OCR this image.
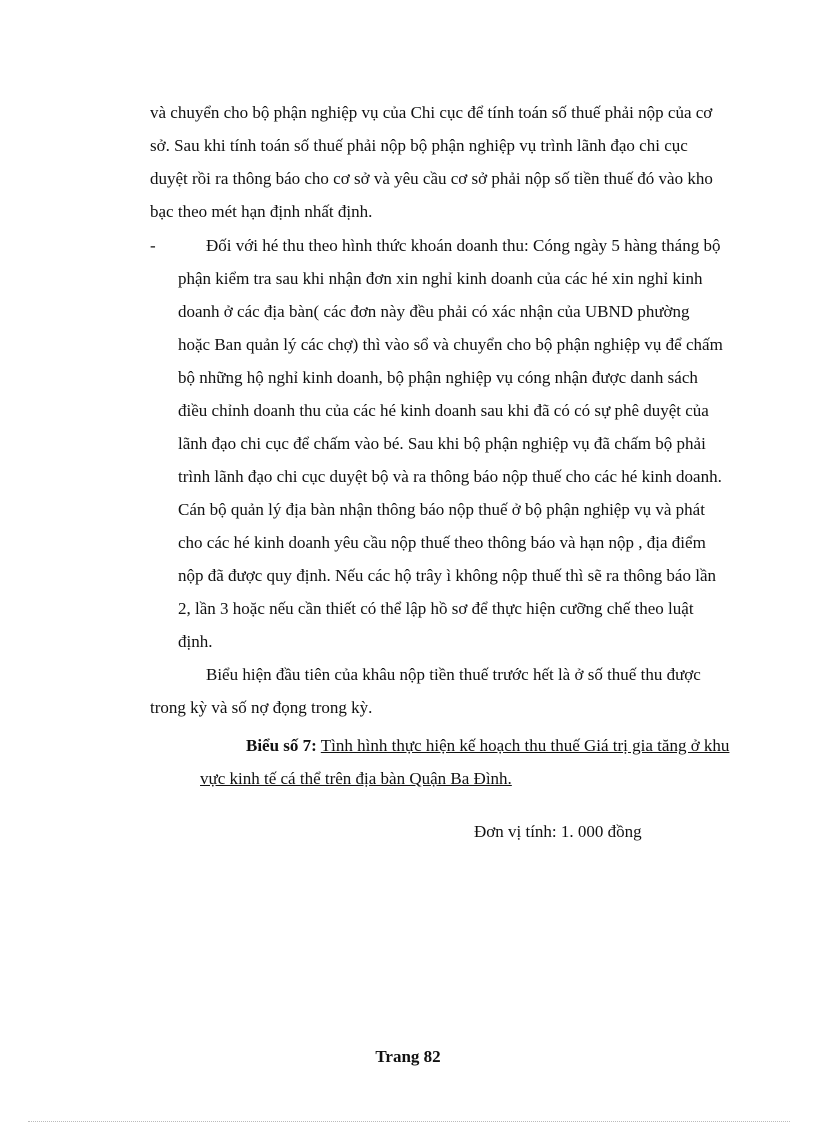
và chuyển cho bộ phận nghiệp vụ của Chi cục để tính toán số thuế phải nộp của cơ sở. Sau khi tính toán số thuế phải nộp bộ phận nghiệp vụ trình lãnh đạo chi cục duyệt rồi ra thông báo cho cơ sở và yêu cầu cơ sở phải nộp số tiền thuế đó vào kho bạc theo mét hạn định nhất định.

-	Đối với hé thu theo hình thức khoán doanh thu: Cóng ngày 5 hàng tháng bộ phận kiểm tra sau khi nhận đơn xin nghỉ kinh doanh của các hé xin nghỉ kinh doanh ở các địa bàn( các đơn này đều phải có xác nhận của UBND phường hoặc Ban quản lý các chợ) thì vào sổ và chuyển cho bộ phận nghiệp vụ để chấm bộ những hộ nghỉ kinh doanh, bộ phận nghiệp vụ cóng nhận được danh sách điều chỉnh doanh thu của các hé kinh doanh sau khi đã có có sự phê duyệt của lãnh đạo chi cục để chấm vào bé. Sau khi bộ phận nghiệp vụ đã chấm bộ phải trình lãnh đạo chi cục duyệt bộ và ra thông báo nộp thuế cho các hé kinh doanh. Cán bộ quản lý địa bàn nhận thông báo nộp thuế ở bộ phận nghiệp vụ và phát cho các hé kinh doanh yêu cầu nộp thuế theo thông báo và hạn nộp , địa điểm nộp đã được quy định. Nếu các hộ trây ì không nộp thuế thì sẽ ra thông báo lần 2, lần 3 hoặc nếu cần thiết có thể lập hồ sơ để thực hiện cưỡng chế theo luật định.

Biểu hiện đầu tiên của khâu nộp tiền thuế trước hết là ở số thuế thu được trong kỳ và số nợ đọng trong kỳ.

Biểu số 7: Tình hình thực hiện kế hoạch thu thuế Giá trị gia tăng ở khu vực kinh tế cá thể trên địa bàn Quận Ba Đình.

Đơn vị tính: 1. 000 đồng

Trang 82
